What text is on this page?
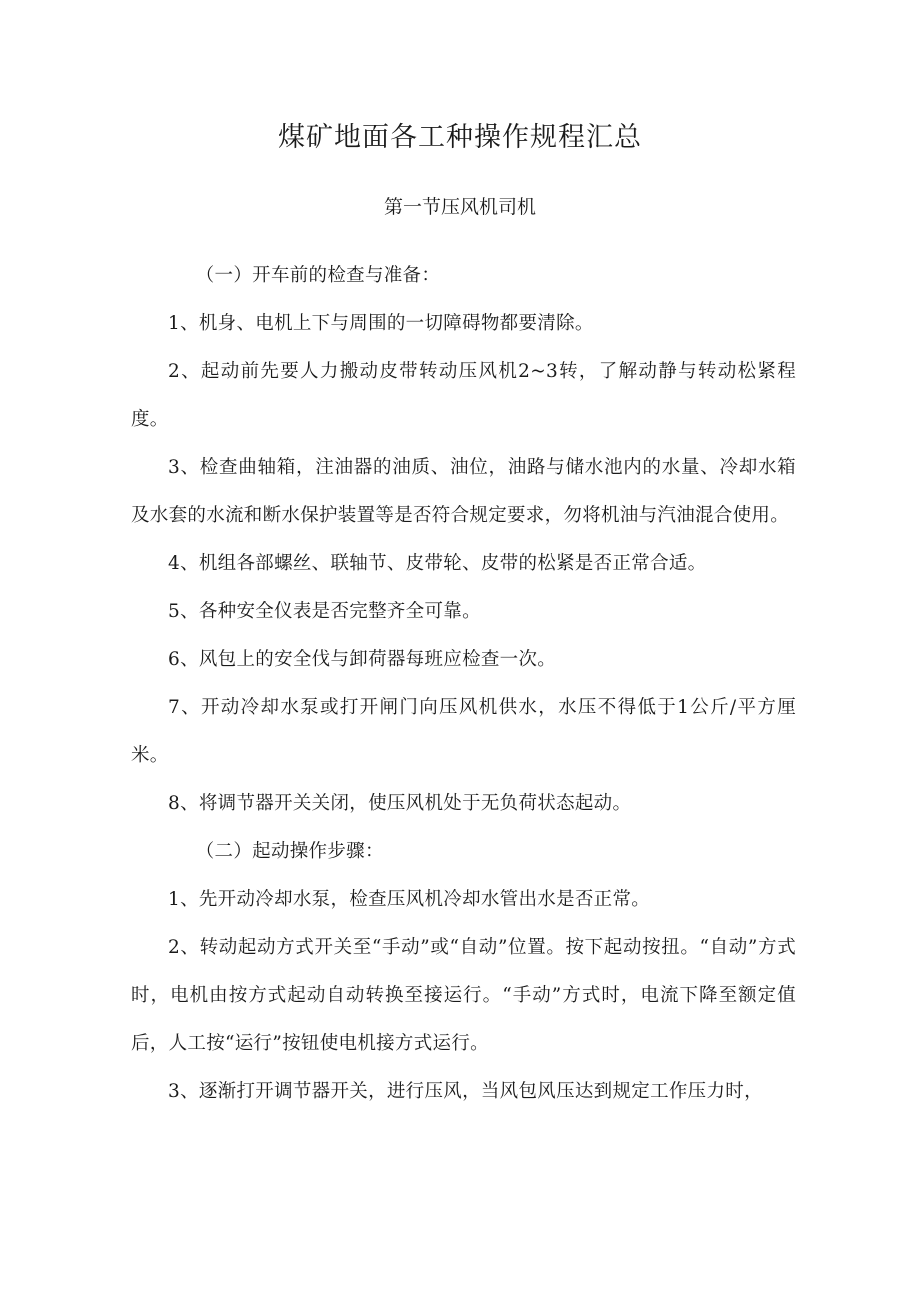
煤矿地面各工种操作规程汇总
第一节压风机司机

（一）开车前的检查与准备：

1、机身、电机上下与周围的一切障碍物都要清除。

2、起动前先要人力搬动皮带转动压风机2~3转，了解动静与转动松紧程度。

3、检查曲轴箱，注油器的油质、油位，油路与储水池内的水量、冷却水箱及水套的水流和断水保护装置等是否符合规定要求，勿将机油与汽油混合使用。

4、机组各部螺丝、联轴节、皮带轮、皮带的松紧是否正常合适。

5、各种安全仪表是否完整齐全可靠。

6、风包上的安全伐与卸荷器每班应检查一次。

7、开动冷却水泵或打开闸门向压风机供水，水压不得低于1公斤/平方厘米。

8、将调节器开关关闭，使压风机处于无负荷状态起动。

（二）起动操作步骤：

1、先开动冷却水泵，检查压风机冷却水管出水是否正常。

2、转动起动方式开关至“手动”或“自动”位置。按下起动按扭。“自动”方式时，电机由按方式起动自动转换至接运行。“手动”方式时，电流下降至额定值后，人工按“运行”按钮使电机接方式运行。

3、逐渐打开调节器开关，进行压风，当风包风压达到规定工作压力时，
